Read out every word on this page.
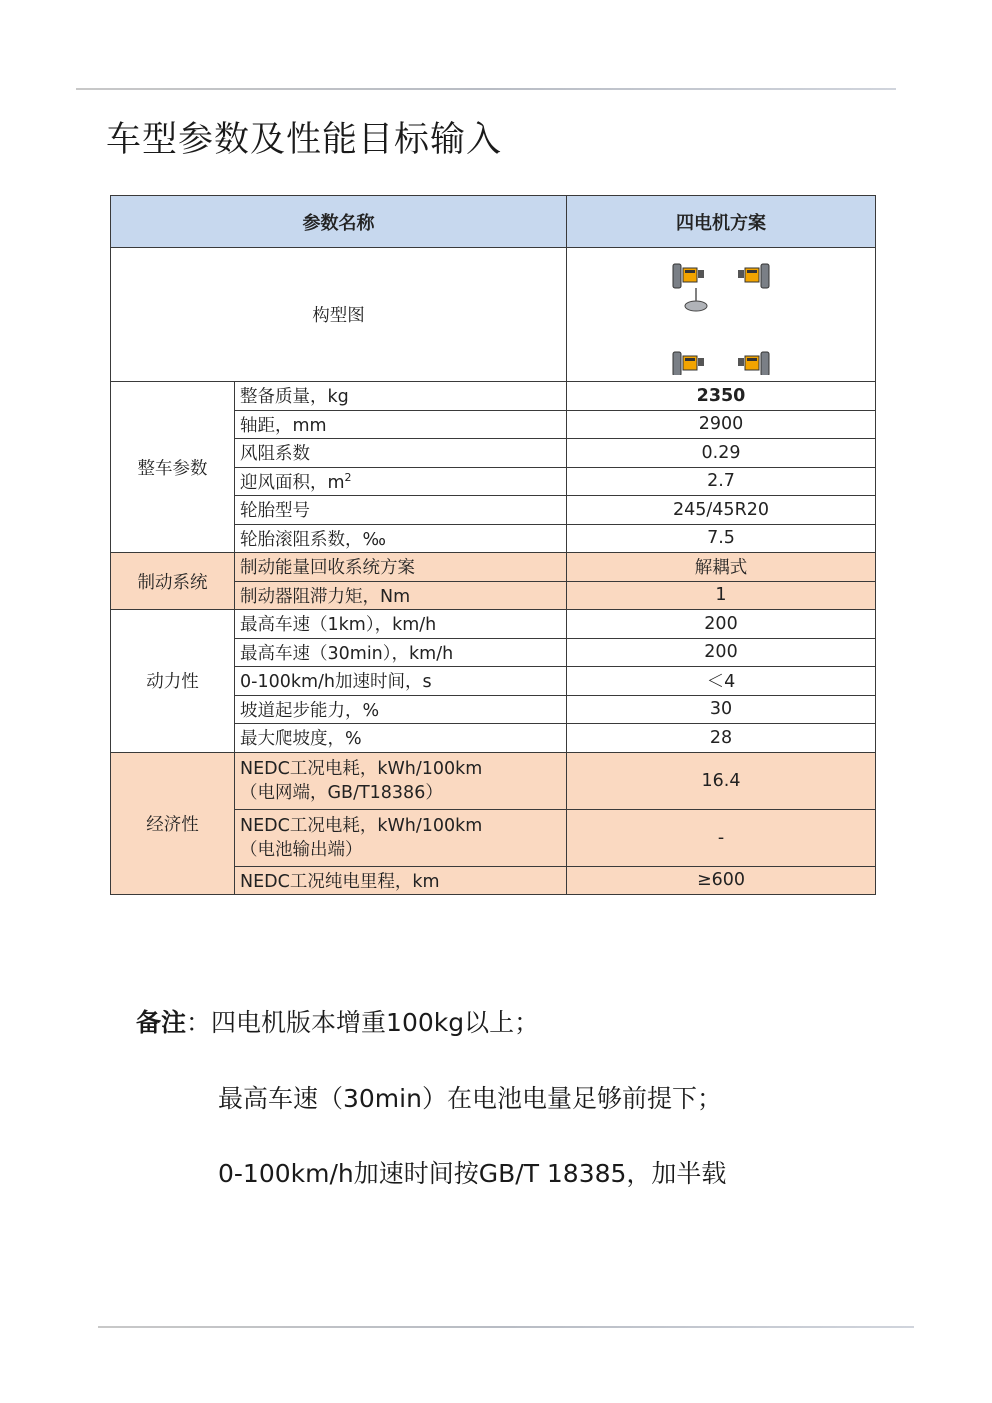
车型参数及性能目标输入
参数名称		四电机方案
构型图	
整车参数	整备质量，kg	2350
	轴距，mm	2900
	风阻系数	0.29
	迎风面积，$m^2$	2.7
	轮胎型号	245/45R20
	轮胎滚阻系数，‰	7.5
制动系统	制动能量回收系统方案	解耦式
	制动器阻滞力矩，Nm	1
动力性	最高车速（1km），km/h	200
	最高车速（30min），km/h	200
	0-100km/h加速时间，s	＜4
	坡道起步能力，%	30
	最大爬坡度，%	28
经济性	NEDC工况电耗，kWh/100km
（电网端，GB/T18386）	16.4

	NEDC工况电耗，kWh/100km
（电池输出端）	-
	NEDC工况纯电里程，km	≥600
备注：四电机版本增重100kg以上；
最高车速（30min）在电池电量足够前提下；
0-100km/h加速时间按GB/T 18385，加半载
